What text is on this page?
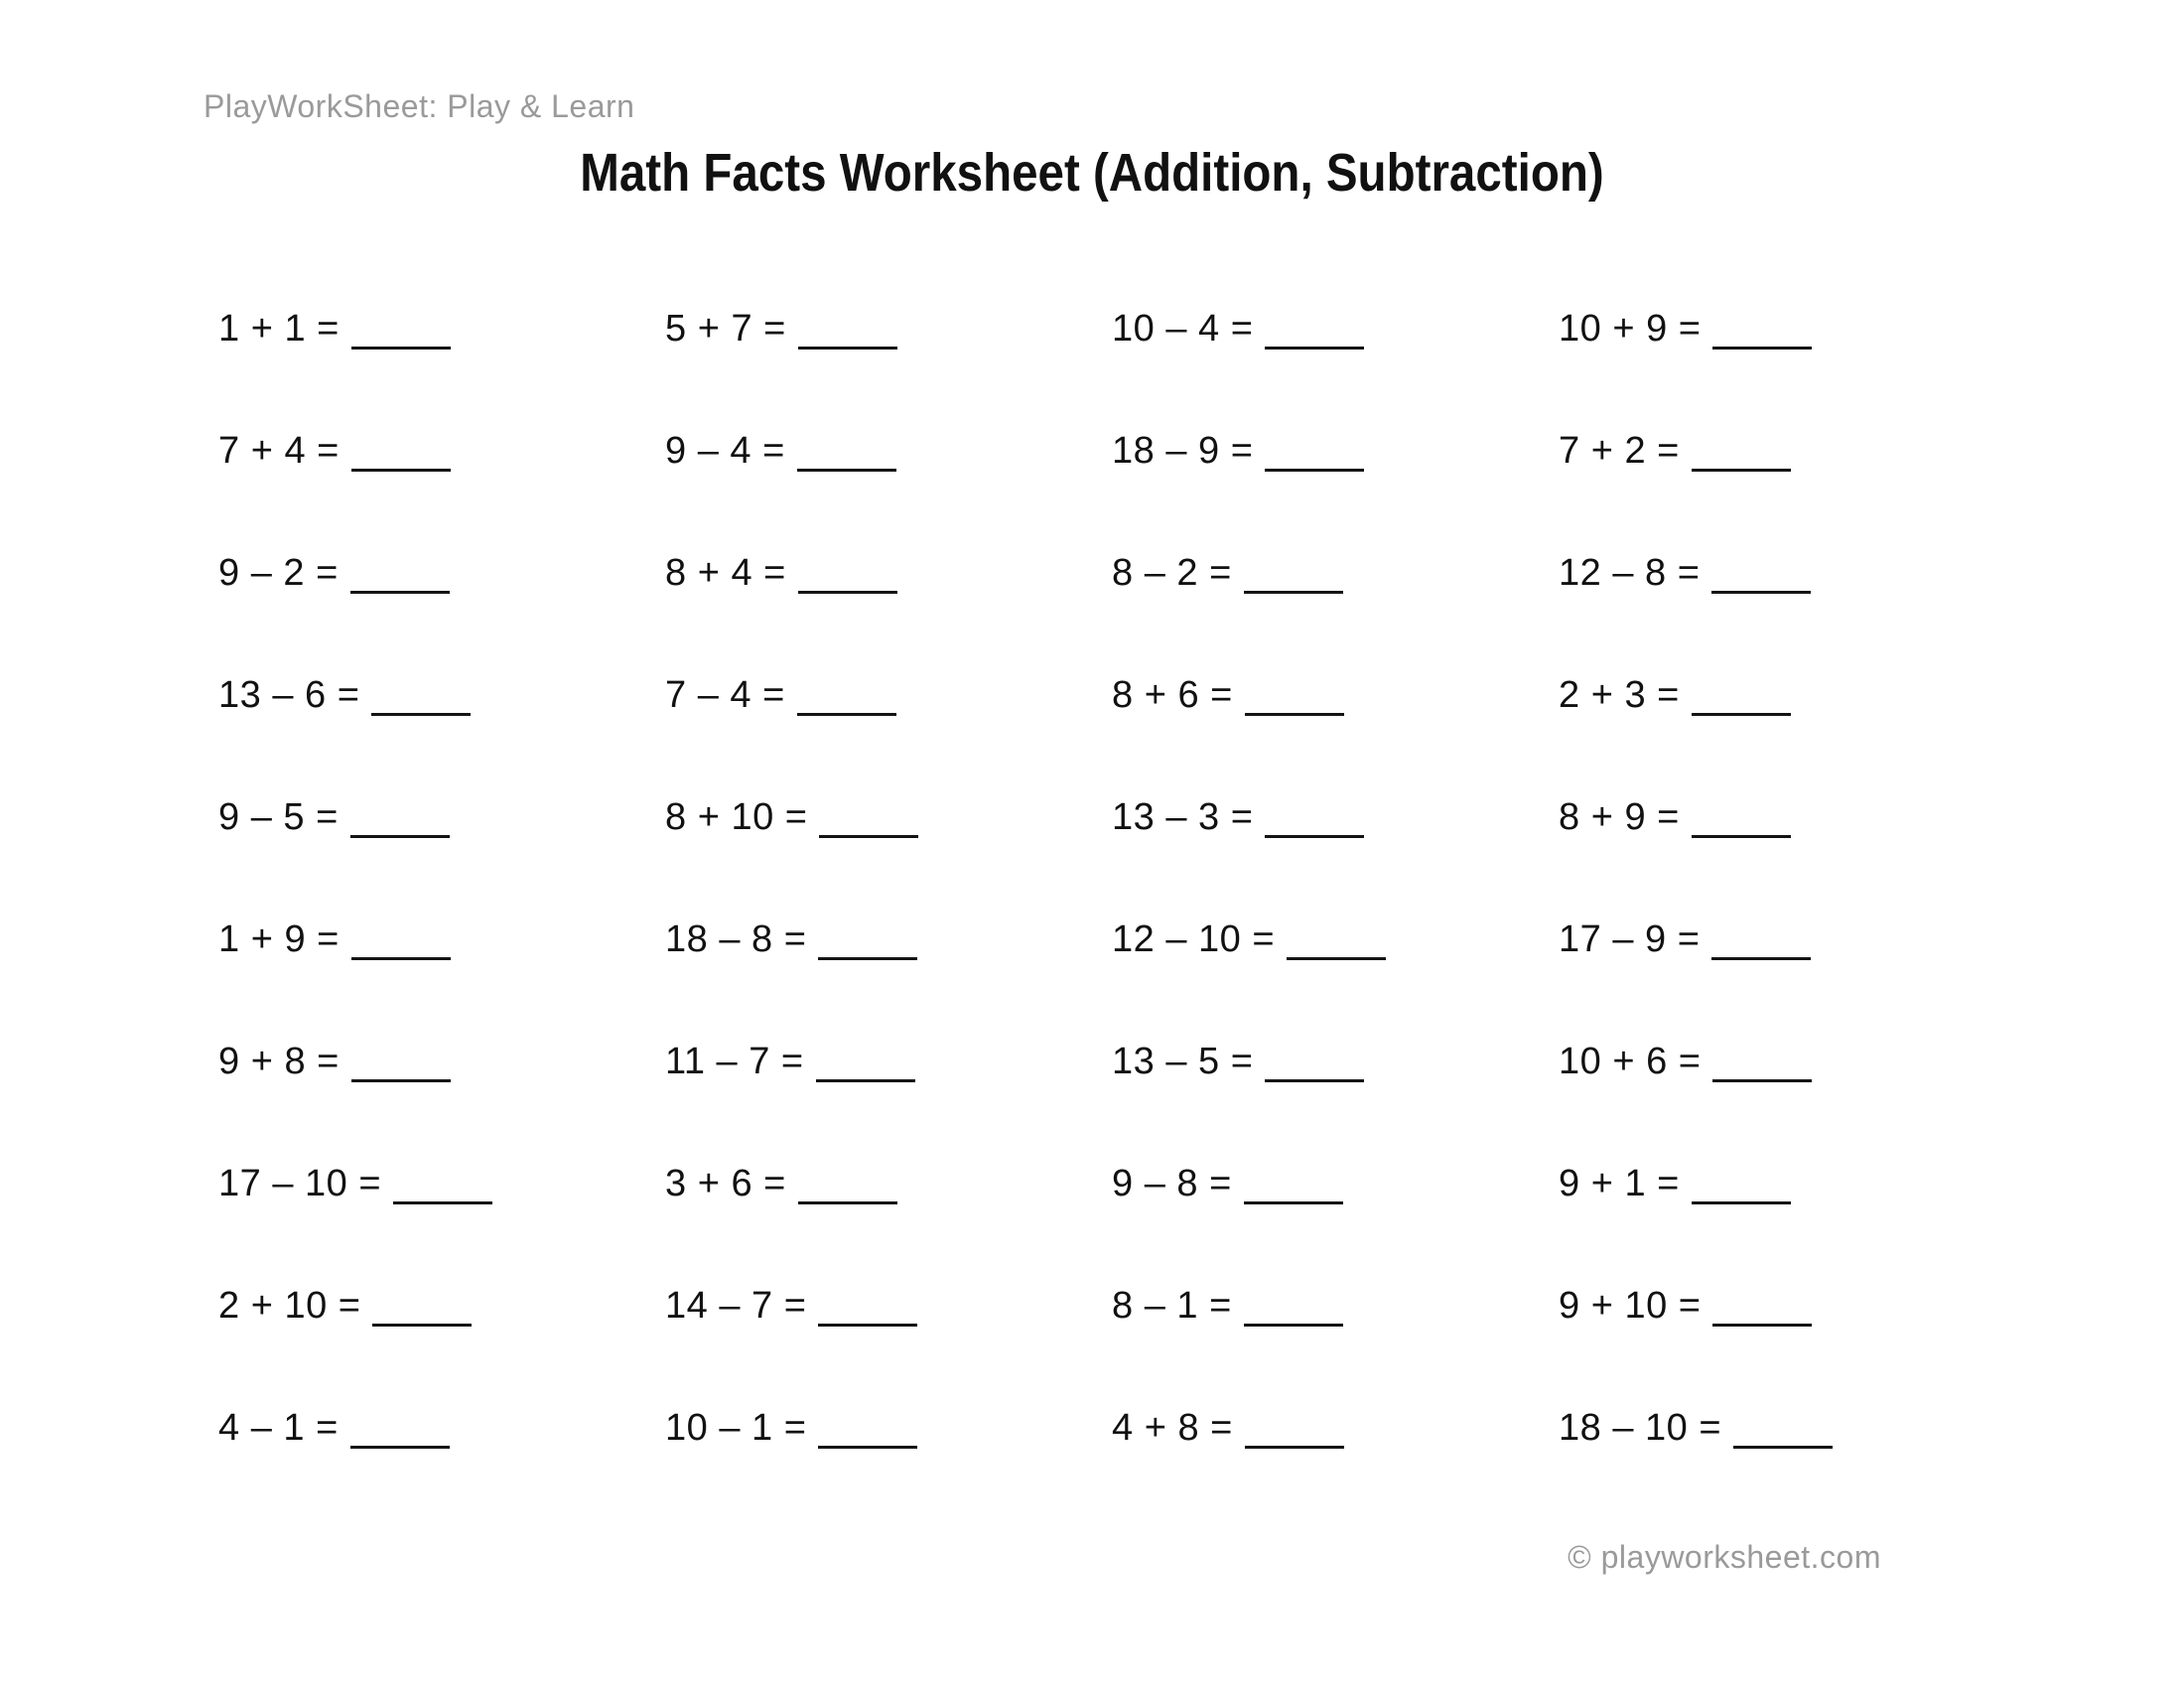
PlayWorkSheet: Play & Learn
Math Facts Worksheet (Addition, Subtraction)
1 + 1 =	5 + 7 =	10 – 4 =	10 + 9 =
7 + 4 =	9 – 4 =	18 – 9 =	7 + 2 =
9 – 2 =	8 + 4 =	8 – 2 =	12 – 8 =
13 – 6 =	7 – 4 =	8 + 6 =	2 + 3 =
9 – 5 =	8 + 10 =	13 – 3 =	8 + 9 =
1 + 9 =	18 – 8 =	12 – 10 =	17 – 9 =
9 + 8 =	11 – 7 =	13 – 5 =	10 + 6 =
17 – 10 =	3 + 6 =	9 – 8 =	9 + 1 =
2 + 10 =	14 – 7 =	8 – 1 =	9 + 10 =
4 – 1 =	10 – 1 =	4 + 8 =	18 – 10 =
© playworksheet.com
